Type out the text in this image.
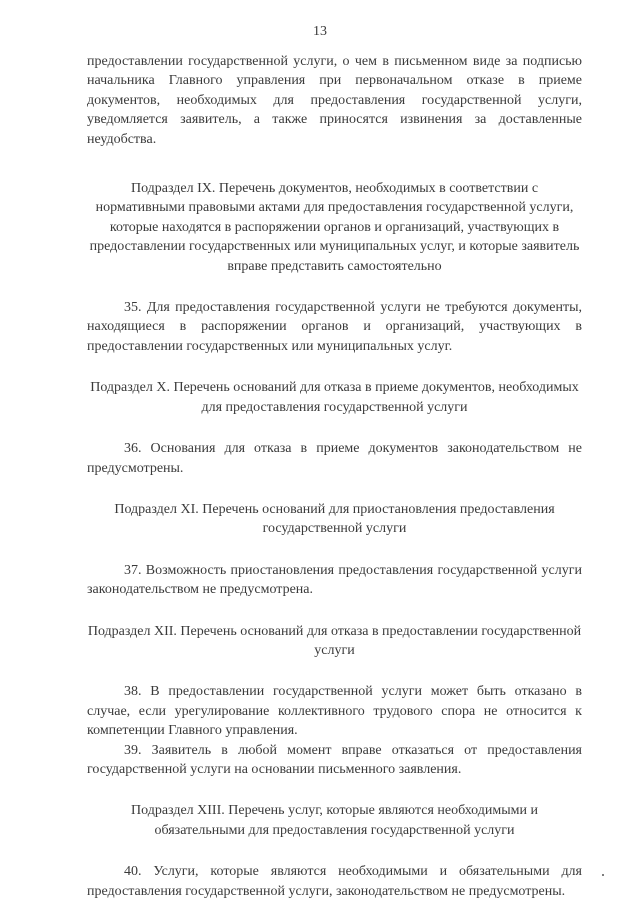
13

предоставлении государственной услуги, о чем в письменном виде за подписью начальника Главного управления при первоначальном отказе в приеме документов, необходимых для предоставления государственной услуги, уведомляется заявитель, а также приносятся извинения за доставленные неудобства.

Подраздел IX. Перечень документов, необходимых в соответствии с нормативными правовыми актами для предоставления государственной услуги, которые находятся в распоряжении органов и организаций, участвующих в предоставлении государственных или муниципальных услуг, и которые заявитель вправе представить самостоятельно

35. Для предоставления государственной услуги не требуются документы, находящиеся в распоряжении органов и организаций, участвующих в предоставлении государственных или муниципальных услуг.

Подраздел X. Перечень оснований для отказа в приеме документов, необходимых для предоставления государственной услуги

36. Основания для отказа в приеме документов законодательством не предусмотрены.

Подраздел XI. Перечень оснований для приостановления предоставления государственной услуги

37. Возможность приостановления предоставления государственной услуги законодательством не предусмотрена.

Подраздел XII. Перечень оснований для отказа в предоставлении государственной услуги

38. В предоставлении государственной услуги может быть отказано в случае, если урегулирование коллективного трудового спора не относится к компетенции Главного управления.

39. Заявитель в любой момент вправе отказаться от предоставления государственной услуги на основании письменного заявления.

Подраздел XIII. Перечень услуг, которые являются необходимыми и обязательными для предоставления государственной услуги

40. Услуги, которые являются необходимыми и обязательными для предоставления государственной услуги, законодательством не предусмотрены.
